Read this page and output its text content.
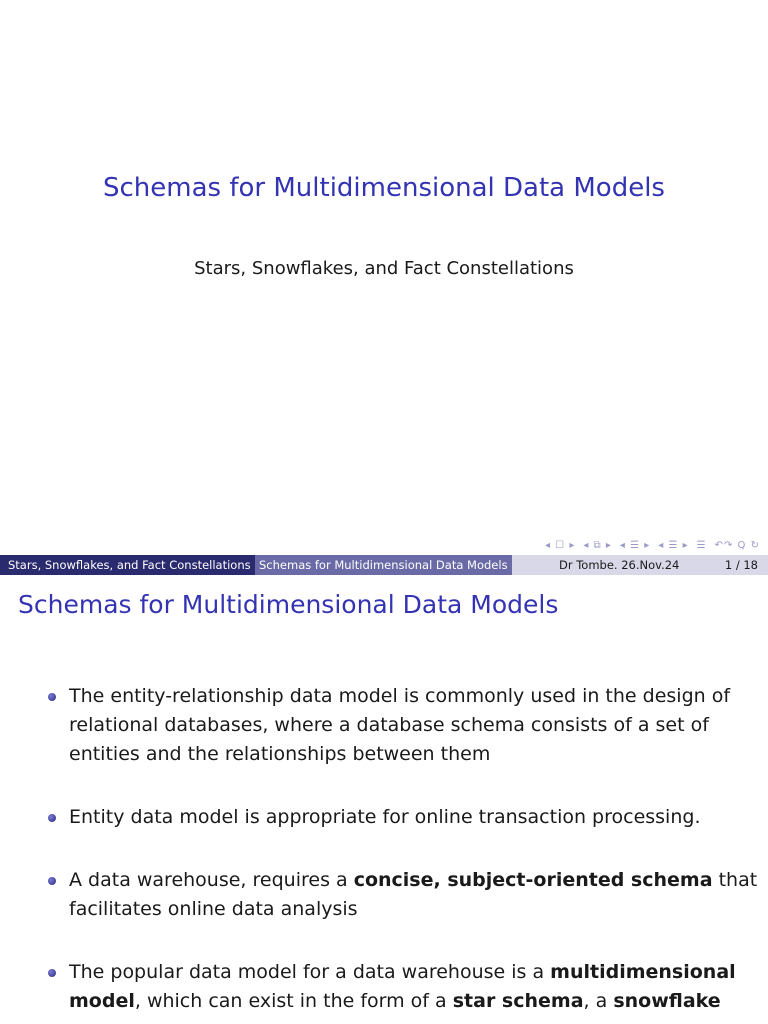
Schemas for Multidimensional Data Models
Stars, Snowflakes, and Fact Constellations
◂ ☐ ▸ ◂ ⧉ ▸ ◂ ☰ ▸ ◂ ☰ ▸ ☰ ↶↷ Q ↻
Stars, Snowflakes, and Fact Constellations Schemas for Multidimensional Data Models	Dr Tombe. 26.Nov.24	1 / 18
Schemas for Multidimensional Data Models
The entity-relationship data model is commonly used in the design of relational databases, where a database schema consists of a set of entities and the relationships between them
Entity data model is appropriate for online transaction processing.
A data warehouse, requires a concise, subject-oriented schema that facilitates online data analysis
The popular data model for a data warehouse is a multidimensional model, which can exist in the form of a star schema, a snowflake
